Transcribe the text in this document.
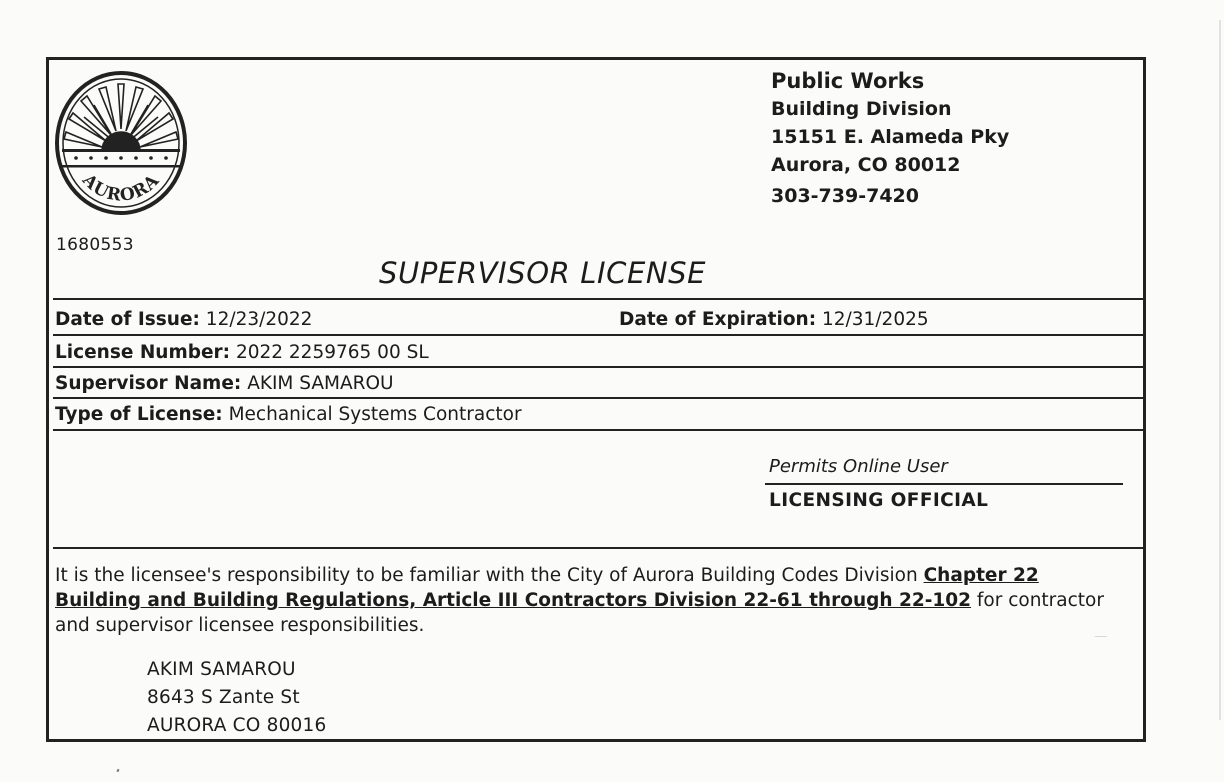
AURORA
Public Works
Building Division
15151 E. Alameda Pky
Aurora, CO 80012
303-739-7420
1680553
SUPERVISOR LICENSE
Date of Issue: 12/23/2022	Date of Expiration: 12/31/2025
License Number: 2022 2259765 00 SL
Supervisor Name: AKIM SAMAROU
Type of License: Mechanical Systems Contractor
Permits Online User
LICENSING OFFICIAL
It is the licensee's responsibility to be familiar with the City of Aurora Building Codes Division Chapter 22 Building and Building Regulations, Article III Contractors Division 22-61 through 22-102 for contractor and supervisor licensee responsibilities.
AKIM SAMAROU
8643 S Zante St
AURORA CO 80016
